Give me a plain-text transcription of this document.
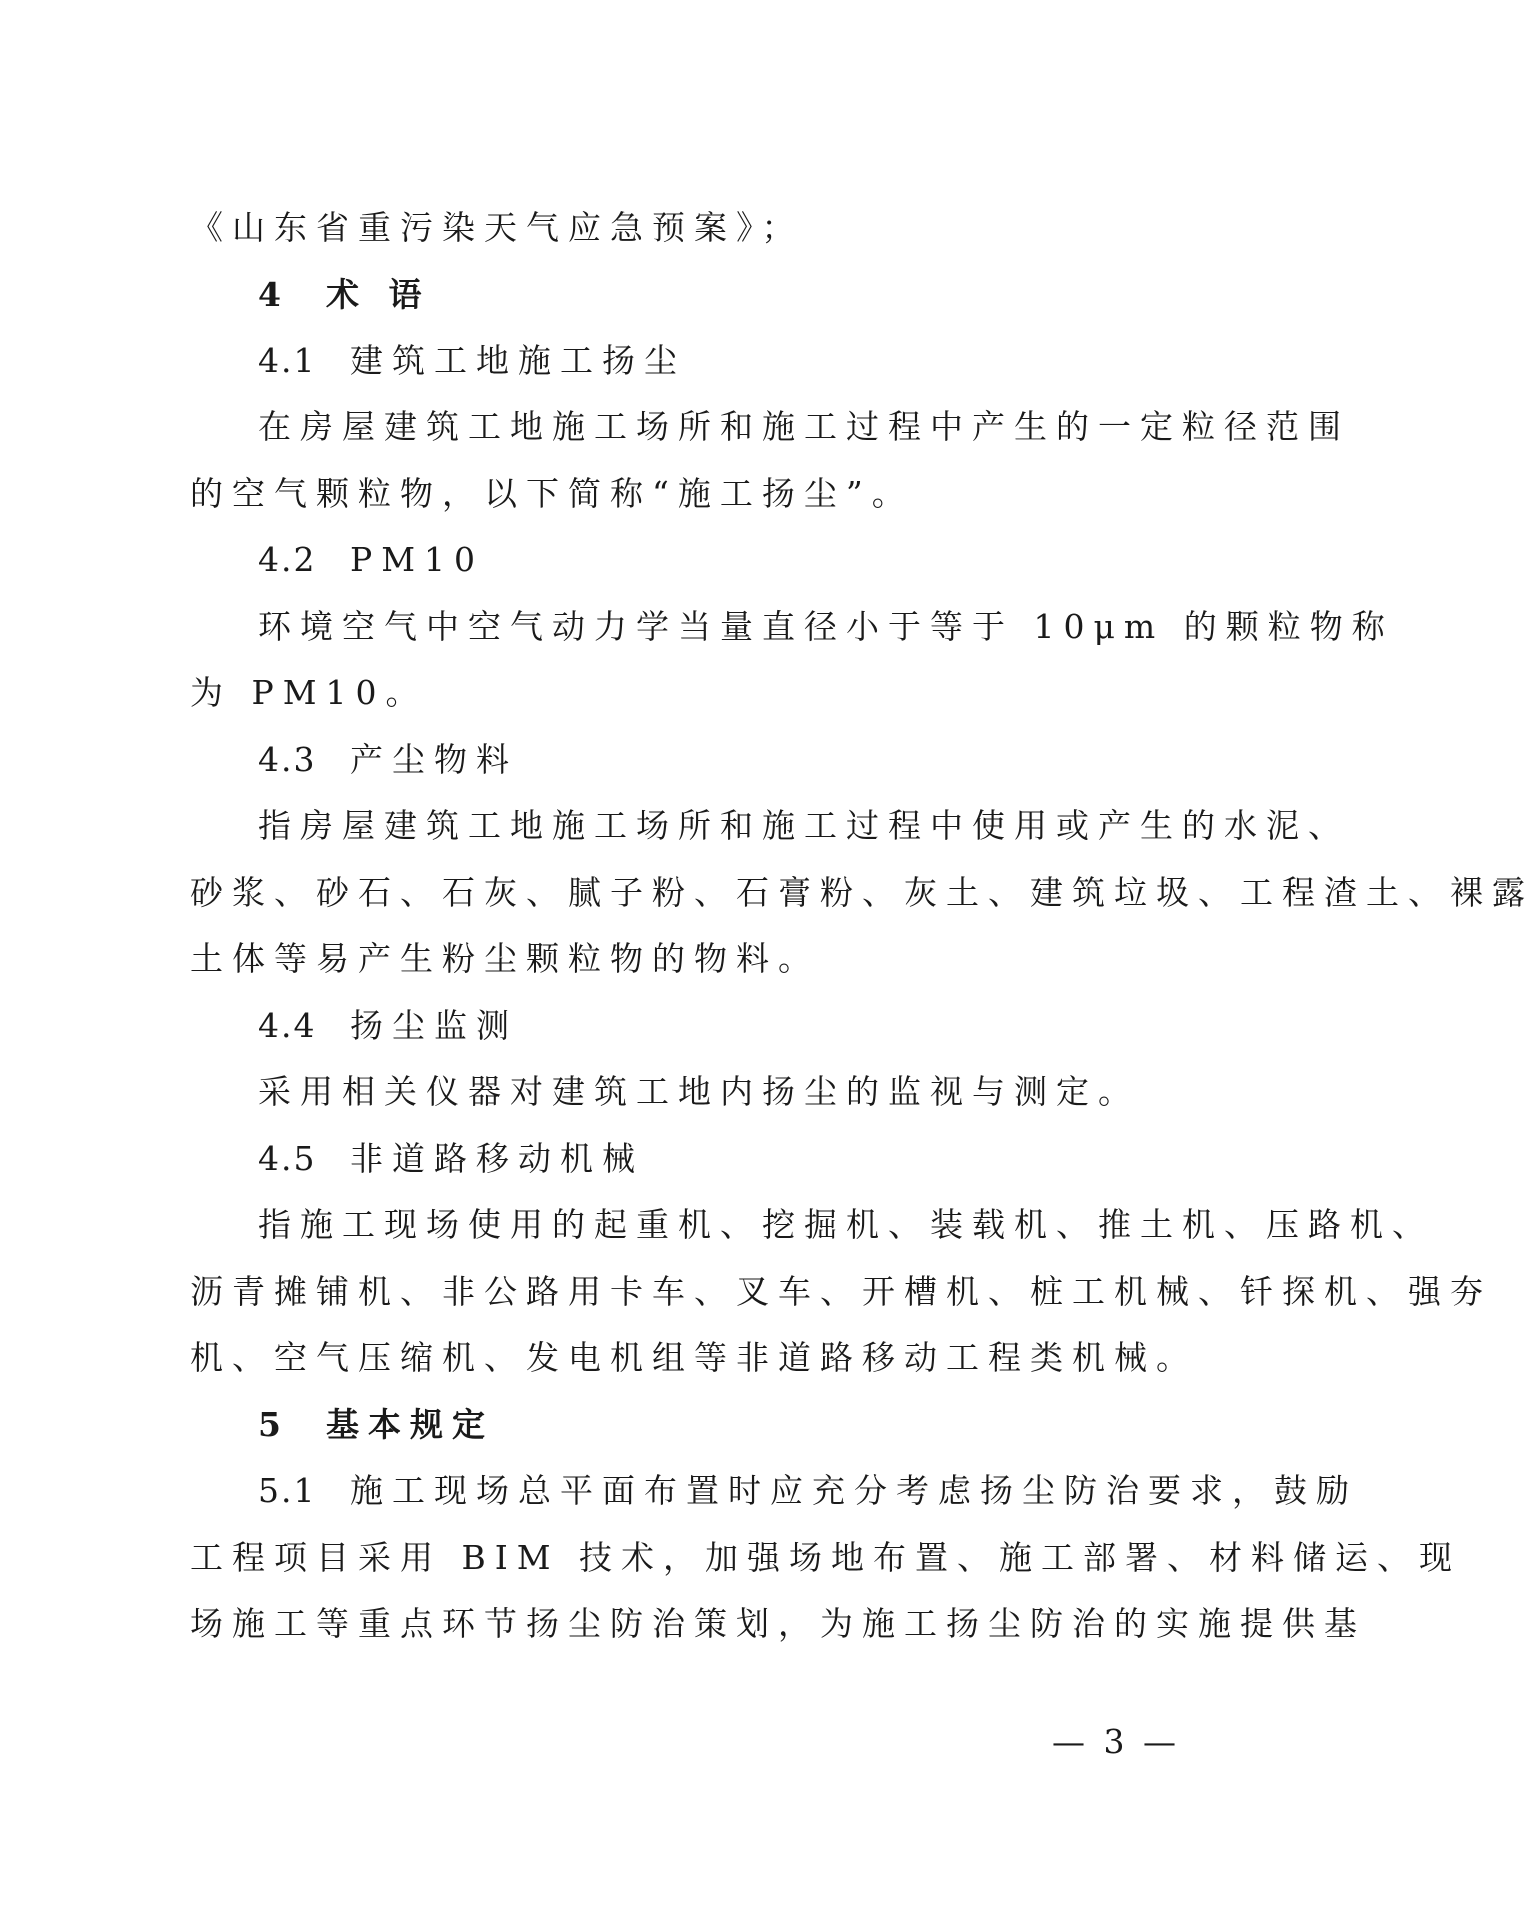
《山东省重污染天气应急预案》；
4 术 语
4.1 建筑工地施工扬尘
在房屋建筑工地施工场所和施工过程中产生的一定粒径范围
的空气颗粒物，以下简称“施工扬尘”。
4.2 PM10
环境空气中空气动力学当量直径小于等于 10μm 的颗粒物称
为 PM10。
4.3 产尘物料
指房屋建筑工地施工场所和施工过程中使用或产生的水泥、
砂浆、砂石、石灰、腻子粉、石膏粉、灰土、建筑垃圾、工程渣土、裸露
土体等易产生粉尘颗粒物的物料。
4.4 扬尘监测
采用相关仪器对建筑工地内扬尘的监视与测定。
4.5 非道路移动机械
指施工现场使用的起重机、挖掘机、装载机、推土机、压路机、
沥青摊铺机、非公路用卡车、叉车、开槽机、桩工机械、钎探机、强夯
机、空气压缩机、发电机组等非道路移动工程类机械。
5 基本规定
5.1 施工现场总平面布置时应充分考虑扬尘防治要求，鼓励
工程项目采用 BIM 技术，加强场地布置、施工部署、材料储运、现
场施工等重点环节扬尘防治策划，为施工扬尘防治的实施提供基
— 3 —
